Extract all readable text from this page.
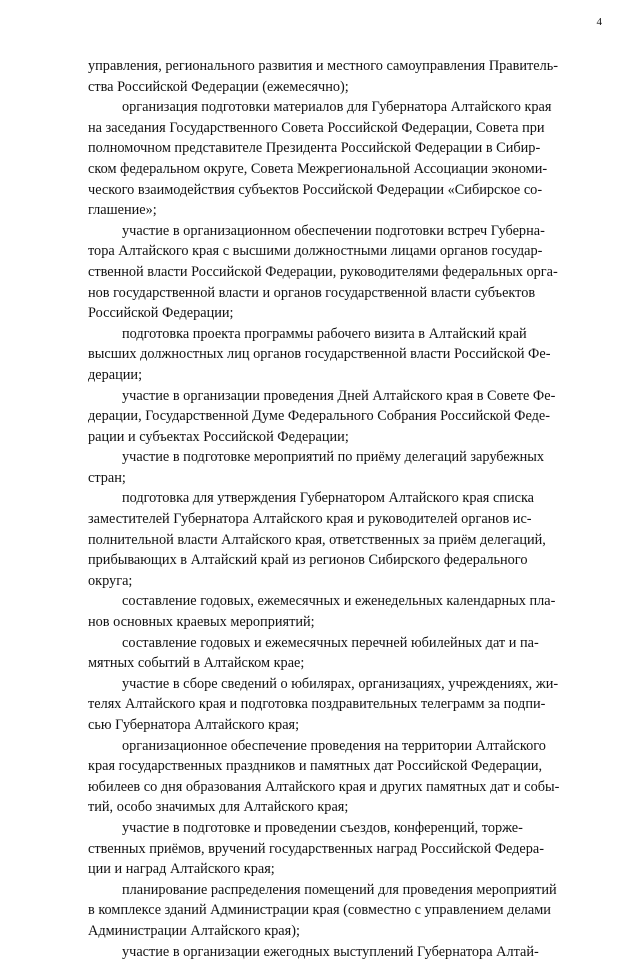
4

управления, регионального развития и местного самоуправления Правитель-
ства Российской Федерации (ежемесячно);

организация подготовки материалов для Губернатора Алтайского края
на заседания Государственного Совета Российской Федерации, Совета при
полномочном представителе Президента Российской Федерации в Сибир-
ском федеральном округе, Совета Межрегиональной Ассоциации экономи-
ческого взаимодействия субъектов Российской Федерации «Сибирское со-
глашение»;

участие в организационном обеспечении подготовки встреч Губерна-
тора Алтайского края с высшими должностными лицами органов государ-
ственной власти Российской Федерации, руководителями федеральных орга-
нов государственной власти и органов государственной власти субъектов
Российской Федерации;

подготовка проекта программы рабочего визита в Алтайский край
высших должностных лиц органов государственной власти Российской Фе-
дерации;

участие в организации проведения Дней Алтайского края в Совете Фе-
дерации, Государственной Думе Федерального Собрания Российской Феде-
рации и субъектах Российской Федерации;

участие в подготовке мероприятий по приёму делегаций зарубежных
стран;

подготовка для утверждения Губернатором Алтайского края списка
заместителей Губернатора Алтайского края и руководителей органов ис-
полнительной власти Алтайского края, ответственных за приём делегаций,
прибывающих в Алтайский край из регионов Сибирского федерального
округа;

составление годовых, ежемесячных и еженедельных календарных пла-
нов основных краевых мероприятий;

составление годовых и ежемесячных перечней юбилейных дат и па-
мятных событий в Алтайском крае;

участие в сборе сведений о юбилярах, организациях, учреждениях, жи-
телях Алтайского края и подготовка поздравительных телеграмм за подпи-
сью Губернатора Алтайского края;

организационное обеспечение проведения на территории Алтайского
края государственных праздников и памятных дат Российской Федерации,
юбилеев со дня образования Алтайского края и других памятных дат и собы-
тий, особо значимых для Алтайского края;

участие в подготовке и проведении съездов, конференций, торже-
ственных приёмов, вручений государственных наград Российской Федера-
ции и наград Алтайского края;

планирование распределения помещений для проведения мероприятий
в комплексе зданий Администрации края (совместно с управлением делами
Администрации Алтайского края);

участие в организации ежегодных выступлений Губернатора Алтай-
